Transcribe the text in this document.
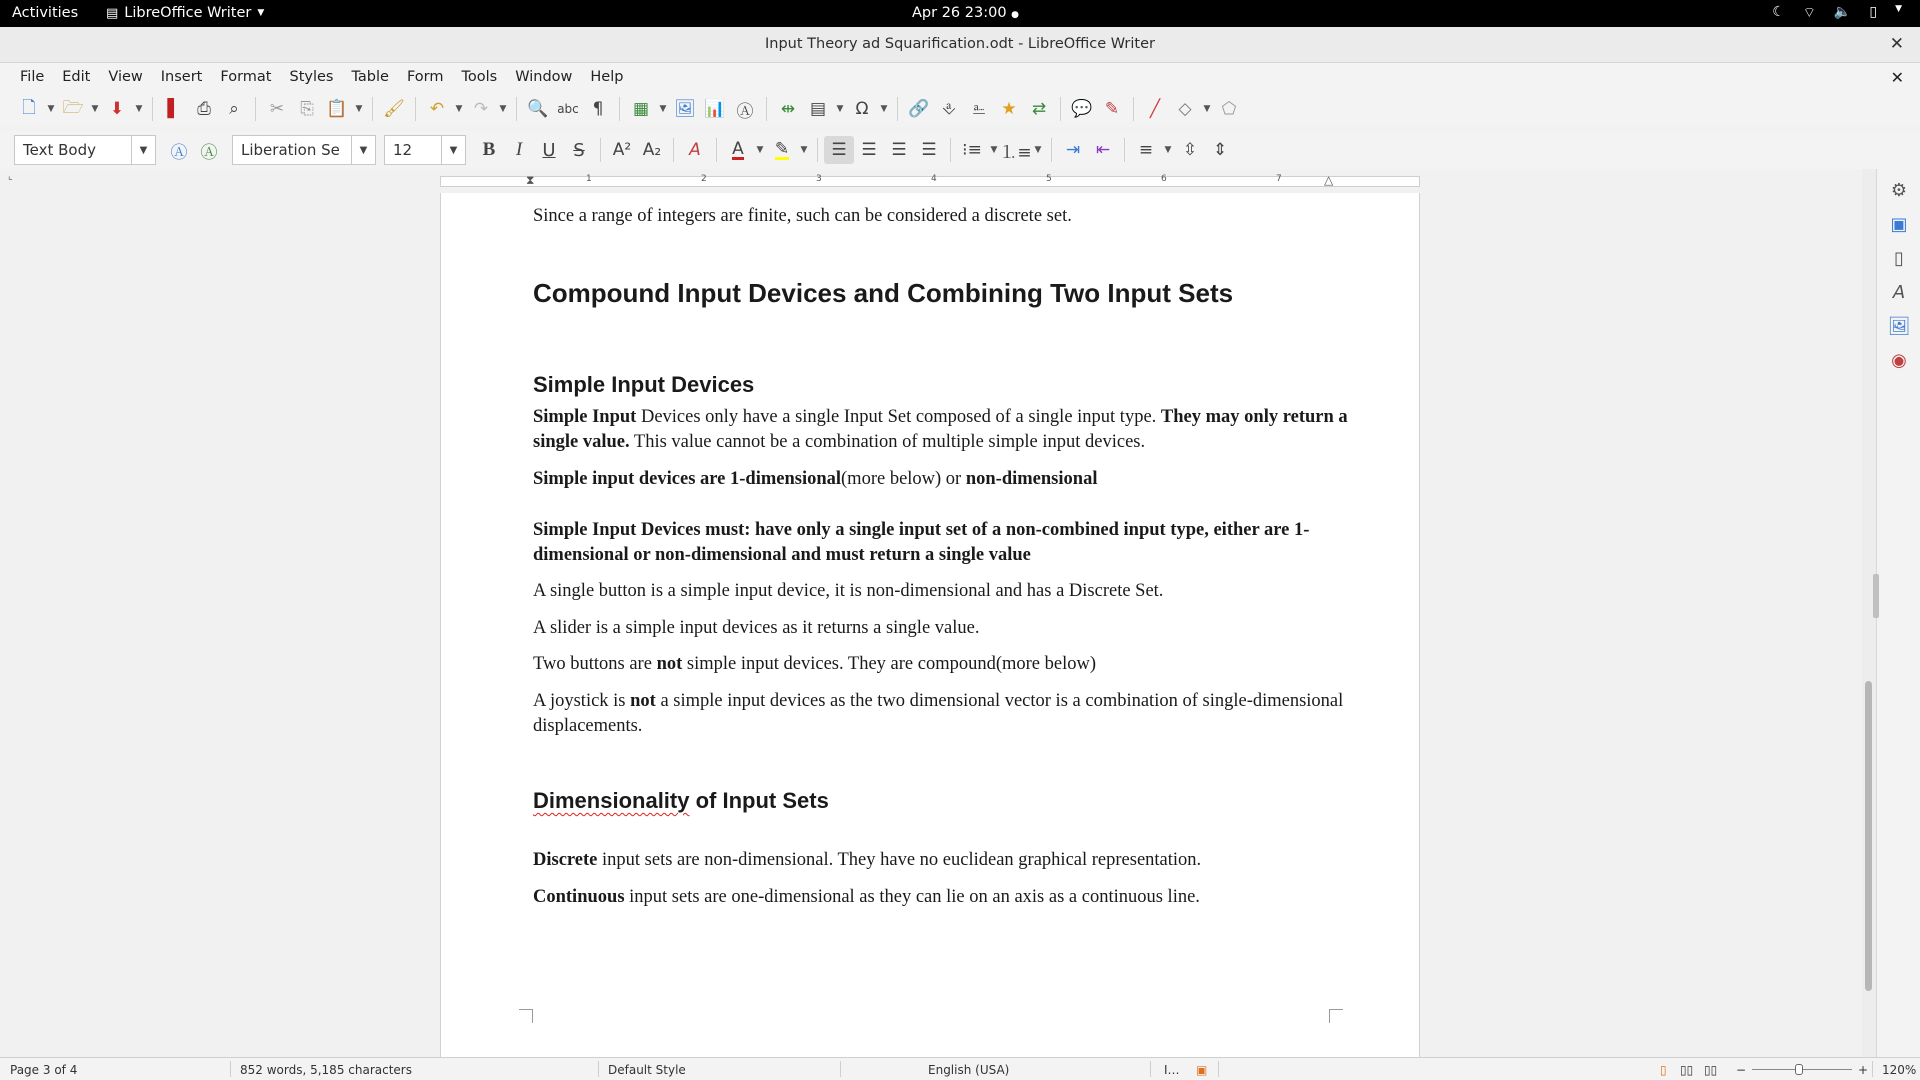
Activities ▤ LibreOffice Writer ▼	Apr 26 23:00 ●	☾ ⌔ 🔈 ▯ ▼
Input Theory ad Squarification.odt - LibreOffice Writer	✕
File	Edit	View	Insert	Format	Styles	Table	Form	Tools	Window	Help	✕
🗋 ▼ 🗁 ▼ ⬇ ▼ ▌ ⎙ ⌕ ✂ ⎘ 📋 ▼ 🖌 ↶ ▼ ↷ ▼ 🔍 abc ¶ ▦ ▼ 🖼 📊 Ⓐ ⇹ ▤ ▼ Ω ▼ 🔗 ⎀ ⎁ ★ ⇄ 💬 ✎ ╱ ◇ ▼ ⬠
Text Body	▼	Ⓐ Ⓐ	Liberation Se	▼	12	▼	B I U S A² A₂ A A ▼ ✎ ▼ ☰ ☰ ☰ ☰ ⁝≡ ▼ ⒈≡ ▼ ⇥ ⇤ ≡ ▼ ⇳ ⇕
⌞	⧗	△
1	2	3	4	5	6	7
Since a range of integers are finite, such can be considered a discrete set.
Compound Input Devices and Combining Two Input Sets
Simple Input Devices
Simple Input Devices only have a single Input Set composed of a single input type. They may only return a single value. This value cannot be a combination of multiple simple input devices.
Simple input devices are 1-dimensional(more below) or non-dimensional
Simple Input Devices must: have only a single input set of a non-combined input type, either are 1-dimensional or non-dimensional and must return a single value
A single button is a simple input device, it is non-dimensional and has a Discrete Set.
A slider is a simple input devices as it returns a single value.
Two buttons are not simple input devices. They are compound(more below)
A joystick is not a simple input devices as the two dimensional vector is a combination of single-dimensional displacements.
Dimensionality of Input Sets
Discrete input sets are non-dimensional. They have no euclidean graphical representation.
Continuous input sets are one-dimensional as they can lie on an axis as a continuous line.
⚙
▣
▯
A
🖼
◉
Page 3 of 4	852 words, 5,185 characters	Default Style	English (USA)	I… ▣	▯ ▯▯ ▯▯ −	+ 120%
